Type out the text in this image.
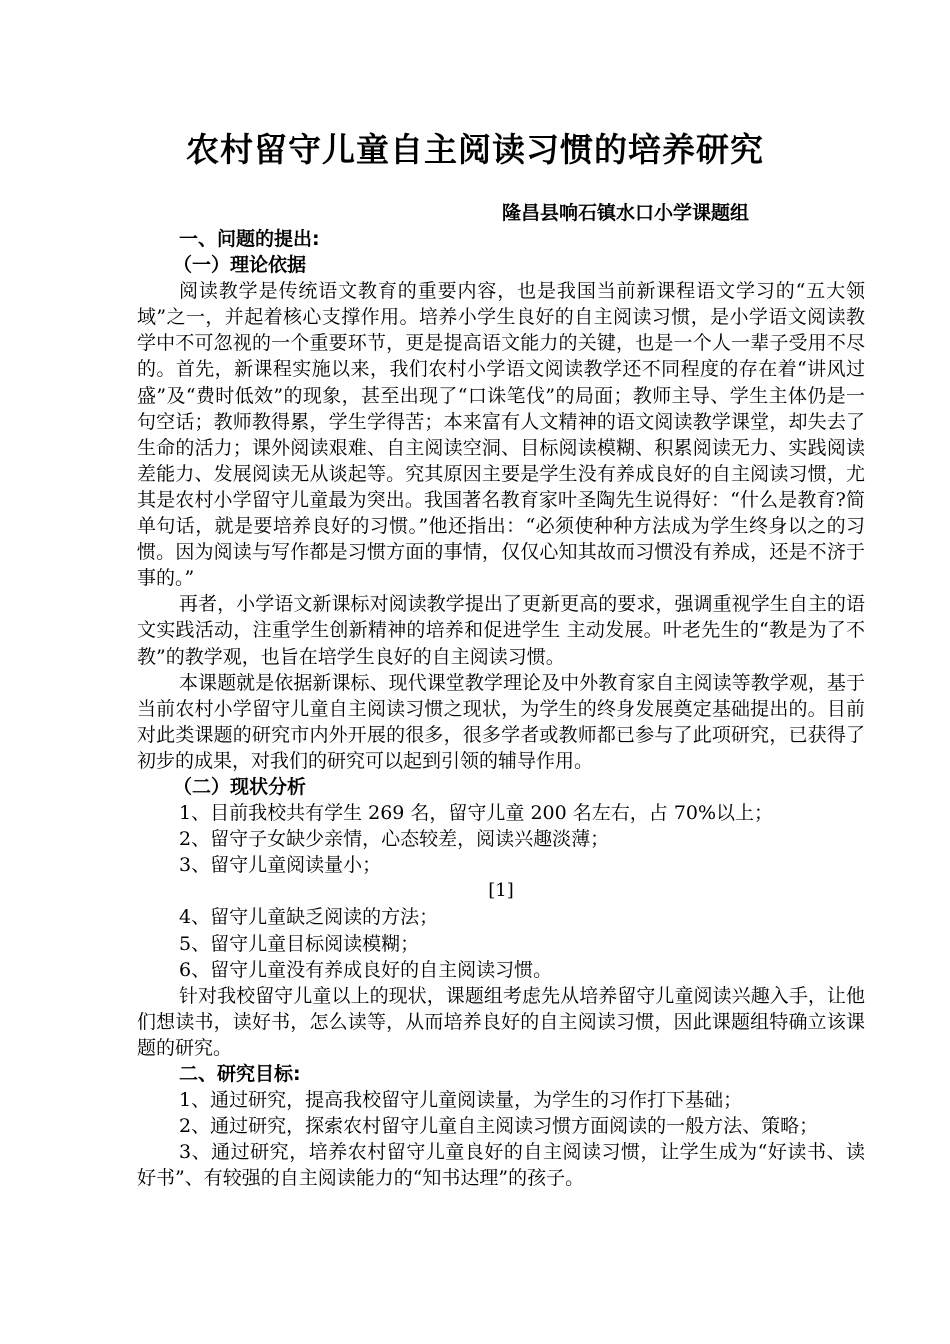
农村留守儿童自主阅读习惯的培养研究
隆昌县响石镇水口小学课题组

一、问题的提出:

（一）理论依据

阅读教学是传统语文教育的重要内容，也是我国当前新课程语文学习的“五大领域”之一，并起着核心支撑作用。培养小学生良好的自主阅读习惯，是小学语文阅读教学中不可忽视的一个重要环节，更是提高语文能力的关键，也是一个人一辈子受用不尽的。首先，新课程实施以来，我们农村小学语文阅读教学还不同程度的存在着“讲风过盛”及“费时低效”的现象，甚至出现了“口诛笔伐”的局面；教师主导、学生主体仍是一句空话；教师教得累，学生学得苦；本来富有人文精神的语文阅读教学课堂，却失去了生命的活力；课外阅读艰难、自主阅读空洞、目标阅读模糊、积累阅读无力、实践阅读差能力、发展阅读无从谈起等。究其原因主要是学生没有养成良好的自主阅读习惯，尤其是农村小学留守儿童最为突出。我国著名教育家叶圣陶先生说得好：“什么是教育?简单句话，就是要培养良好的习惯。”他还指出：“必须使种种方法成为学生终身以之的习惯。因为阅读与写作都是习惯方面的事情，仅仅心知其故而习惯没有养成，还是不济于事的。”

再者，小学语文新课标对阅读教学提出了更新更高的要求，强调重视学生自主的语文实践活动，注重学生创新精神的培养和促进学生 主动发展。叶老先生的“教是为了不教”的教学观，也旨在培学生良好的自主阅读习惯。

本课题就是依据新课标、现代课堂教学理论及中外教育家自主阅读等教学观，基于当前农村小学留守儿童自主阅读习惯之现状，为学生的终身发展奠定基础提出的。目前对此类课题的研究市内外开展的很多，很多学者或教师都已参与了此项研究，已获得了初步的成果，对我们的研究可以起到引领的辅导作用。

（二）现状分析

1、目前我校共有学生 269 名，留守儿童 200 名左右，占 70%以上；

2、留守子女缺少亲情，心态较差，阅读兴趣淡薄；

3、留守儿童阅读量小；

[1]

4、留守儿童缺乏阅读的方法；

5、留守儿童目标阅读模糊；

6、留守儿童没有养成良好的自主阅读习惯。

针对我校留守儿童以上的现状，课题组考虑先从培养留守儿童阅读兴趣入手，让他们想读书，读好书，怎么读等，从而培养良好的自主阅读习惯，因此课题组特确立该课题的研究。

二、研究目标:

1、通过研究，提高我校留守儿童阅读量，为学生的习作打下基础；

2、通过研究，探索农村留守儿童自主阅读习惯方面阅读的一般方法、策略；

3、通过研究，培养农村留守儿童良好的自主阅读习惯，让学生成为“好读书、读好书”、有较强的自主阅读能力的“知书达理”的孩子。
